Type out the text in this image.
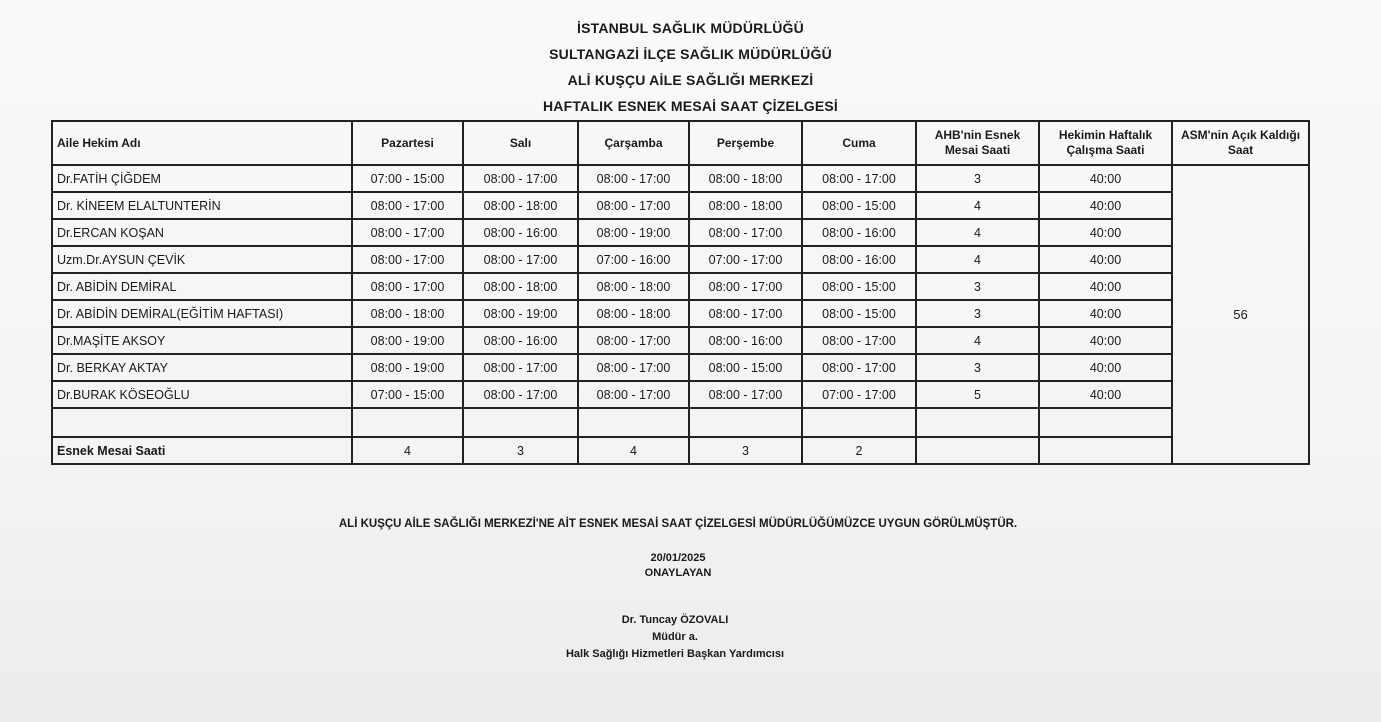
İSTANBUL SAĞLIK MÜDÜRLÜĞÜ
SULTANGAZİ İLÇE SAĞLIK MÜDÜRLÜĞÜ
ALİ KUŞÇU AİLE SAĞLIĞI MERKEZİ
HAFTALIK ESNEK MESAİ SAAT ÇİZELGESİ
Aile Hekim Adı	Pazartesi	Salı	Çarşamba	Perşembe	Cuma	AHB'nin Esnek Mesai Saati	Hekimin Haftalık Çalışma Saati	ASM'nin Açık Kaldığı Saat
Dr.FATİH ÇİĞDEM	07:00 - 15:00	08:00 - 17:00	08:00 - 17:00	08:00 - 18:00	08:00 - 17:00	3	40:00	56
Dr. KİNEEM ELALTUNTERİN	08:00 - 17:00	08:00 - 18:00	08:00 - 17:00	08:00 - 18:00	08:00 - 15:00	4	40:00	
Dr.ERCAN KOŞAN	08:00 - 17:00	08:00 - 16:00	08:00 - 19:00	08:00 - 17:00	08:00 - 16:00	4	40:00	
Uzm.Dr.AYSUN ÇEVİK	08:00 - 17:00	08:00 - 17:00	07:00 - 16:00	07:00 - 17:00	08:00 - 16:00	4	40:00	
Dr. ABİDİN DEMİRAL	08:00 - 17:00	08:00 - 18:00	08:00 - 18:00	08:00 - 17:00	08:00 - 15:00	3	40:00	
Dr. ABİDİN DEMİRAL(EĞİTİM HAFTASI)	08:00 - 18:00	08:00 - 19:00	08:00 - 18:00	08:00 - 17:00	08:00 - 15:00	3	40:00	
Dr.MAŞİTE AKSOY	08:00 - 19:00	08:00 - 16:00	08:00 - 17:00	08:00 - 16:00	08:00 - 17:00	4	40:00	
Dr. BERKAY AKTAY	08:00 - 19:00	08:00 - 17:00	08:00 - 17:00	08:00 - 15:00	08:00 - 17:00	3	40:00	
Dr.BURAK KÖSEOĞLU	07:00 - 15:00	08:00 - 17:00	08:00 - 17:00	08:00 - 17:00	07:00 - 17:00	5	40:00	

Esnek Mesai Saati	4	3	4	3	2			
ALİ KUŞÇU AİLE SAĞLIĞI MERKEZİ'NE AİT ESNEK MESAİ SAAT ÇİZELGESİ MÜDÜRLÜĞÜMÜZCE UYGUN GÖRÜLMÜŞTÜR.
20/01/2025
ONAYLAYAN
Dr. Tuncay ÖZOVALI
Müdür a.
Halk Sağlığı Hizmetleri Başkan Yardımcısı
